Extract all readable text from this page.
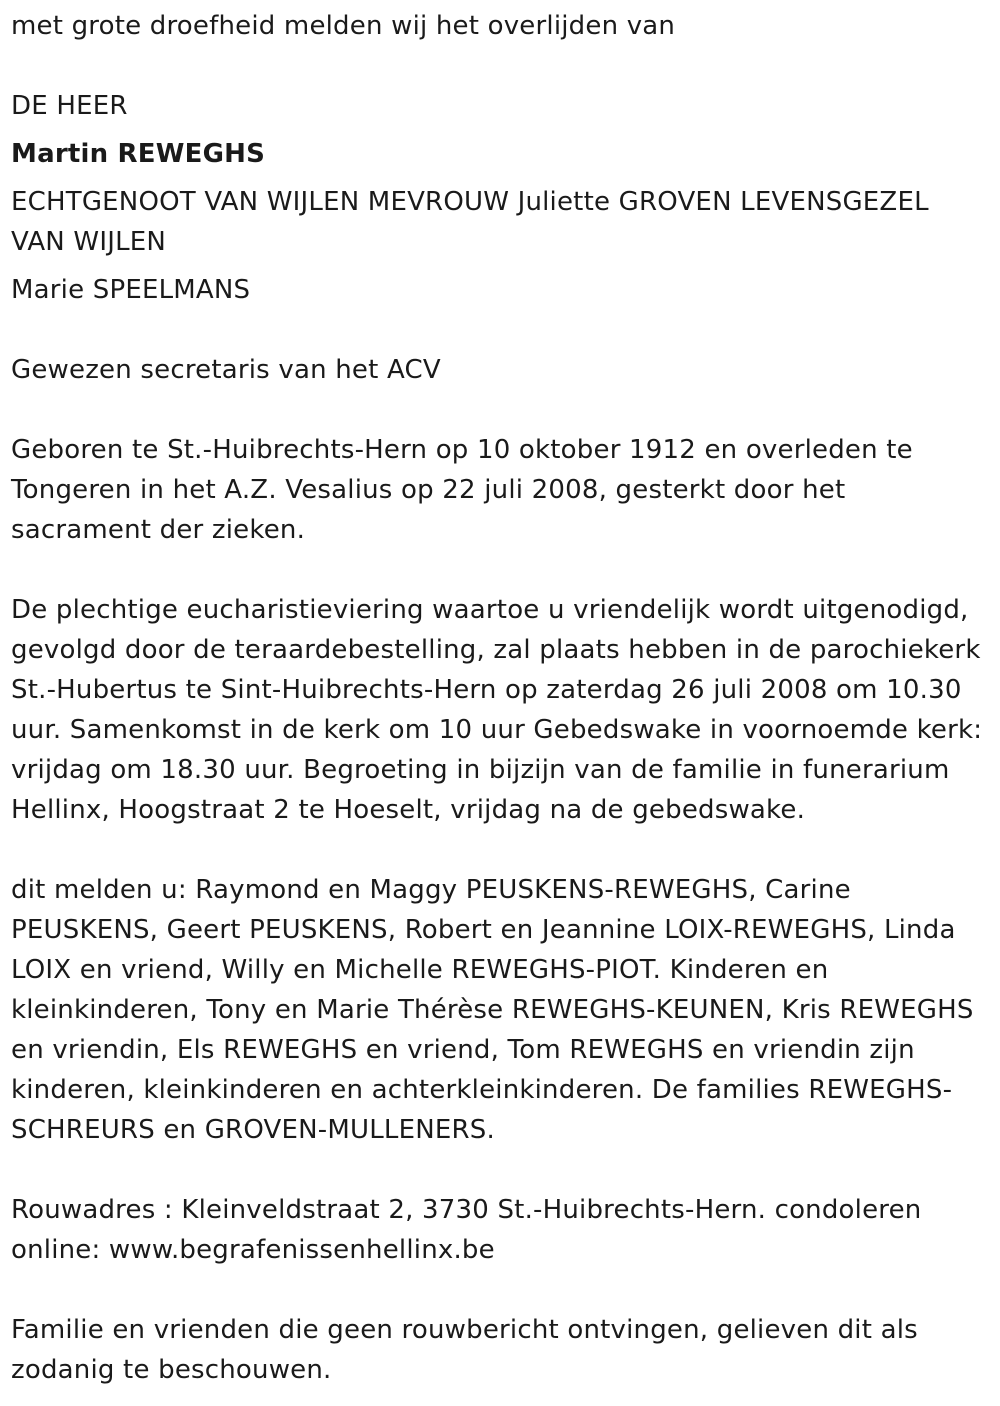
met grote droefheid melden wij het overlijden van

DE HEER

Martin REWEGHS

ECHTGENOOT VAN WIJLEN MEVROUW Juliette GROVEN LEVENSGEZEL VAN WIJLEN

Marie SPEELMANS

Gewezen secretaris van het ACV

Geboren te St.-Huibrechts-Hern op 10 oktober 1912 en overleden te Tongeren in het A.Z. Vesalius op 22 juli 2008, gesterkt door het sacrament der zieken.

De plechtige eucharistieviering waartoe u vriendelijk wordt uitgenodigd, gevolgd door de teraardebestelling, zal plaats hebben in de parochiekerk St.-Hubertus te Sint-Huibrechts-Hern op zaterdag 26 juli 2008 om 10.30 uur. Samenkomst in de kerk om 10 uur Gebedswake in voornoemde kerk: vrijdag om 18.30 uur. Begroeting in bijzijn van de familie in funerarium Hellinx, Hoogstraat 2 te Hoeselt, vrijdag na de gebedswake.

dit melden u: Raymond en Maggy PEUSKENS-REWEGHS, Carine PEUSKENS, Geert PEUSKENS, Robert en Jeannine LOIX-REWEGHS, Linda LOIX en vriend, Willy en Michelle REWEGHS-PIOT. Kinderen en kleinkinderen, Tony en Marie Thérèse REWEGHS-KEUNEN, Kris REWEGHS en vriendin, Els REWEGHS en vriend, Tom REWEGHS en vriendin zijn kinderen, kleinkinderen en achterkleinkinderen. De families REWEGHS-SCHREURS en GROVEN-MULLENERS.

Rouwadres : Kleinveldstraat 2, 3730 St.-Huibrechts-Hern. condoleren online: www.begrafenissenhellinx.be

Familie en vrienden die geen rouwbericht ontvingen, gelieven dit als zodanig te beschouwen.
